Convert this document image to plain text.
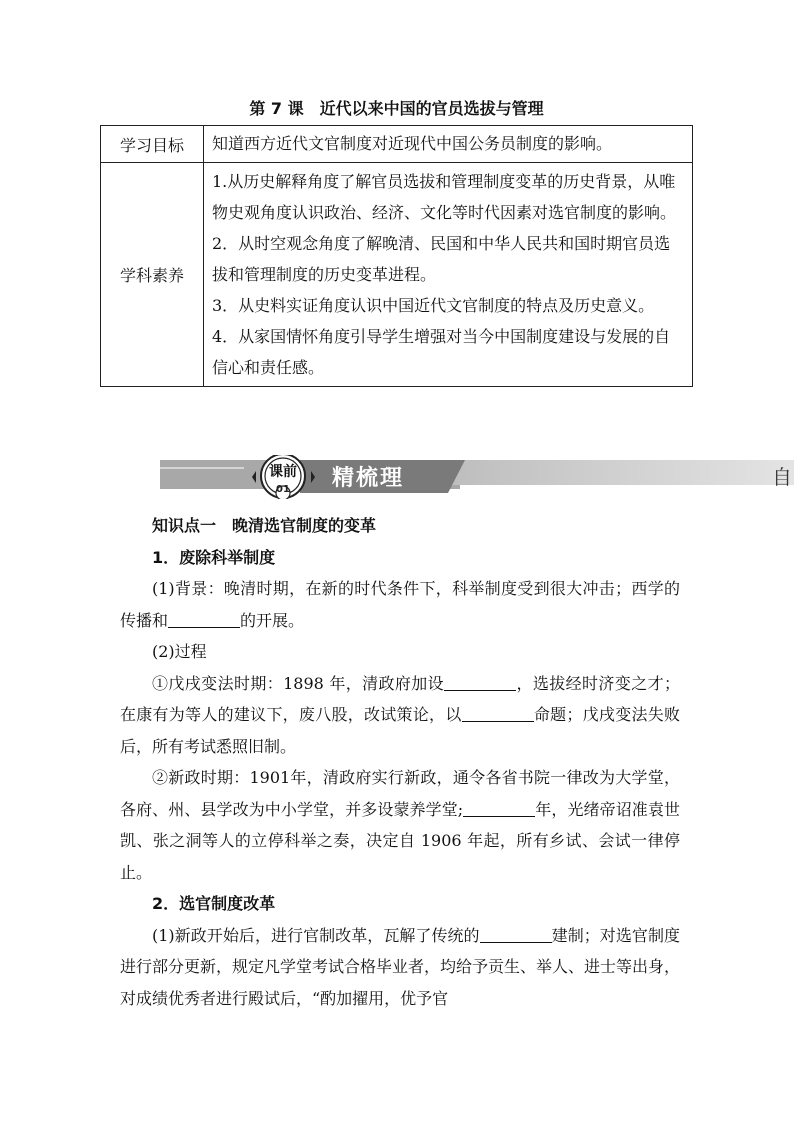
第 7 课　近代以来中国的官员选拔与管理
学习目标	知道西方近代文官制度对近现代中国公务员制度的影响。
学科素养	1.从历史解释角度了解官员选拔和管理制度变革的历史背景，从唯物史观角度认识政治、经济、文化等时代因素对选官制度的影响。
2．从时空观念角度了解晚清、民国和中华人民共和国时期官员选拔和管理制度的历史变革进程。
3．从史料实证角度认识中国近代文官制度的特点及历史意义。
4．从家国情怀角度引导学生增强对当今中国制度建设与发展的自信心和责任感。
课前
01 精梳理	自

知识点一　晚清选官制度的变革

1．废除科举制度

(1)背景：晚清时期，在新的时代条件下，科举制度受到很大冲击；西学的传播和	的开展。

(2)过程

①戊戌变法时期：1898 年，清政府加设	，选拔经时济变之才；在康有为等人的建议下，废八股，改试策论，以	命题；戊戌变法失败后，所有考试悉照旧制。

②新政时期：1901年，清政府实行新政，通令各省书院一律改为大学堂，各府、州、县学改为中小学堂，并多设蒙养学堂;	年，光绪帝诏准袁世凯、张之洞等人的立停科举之奏，决定自 1906 年起，所有乡试、会试一律停止。

2．选官制度改革

(1)新政开始后，进行官制改革，瓦解了传统的	建制；对选官制度进行部分更新，规定凡学堂考试合格毕业者，均给予贡生、举人、进士等出身，对成绩优秀者进行殿试后，“酌加擢用，优予官
